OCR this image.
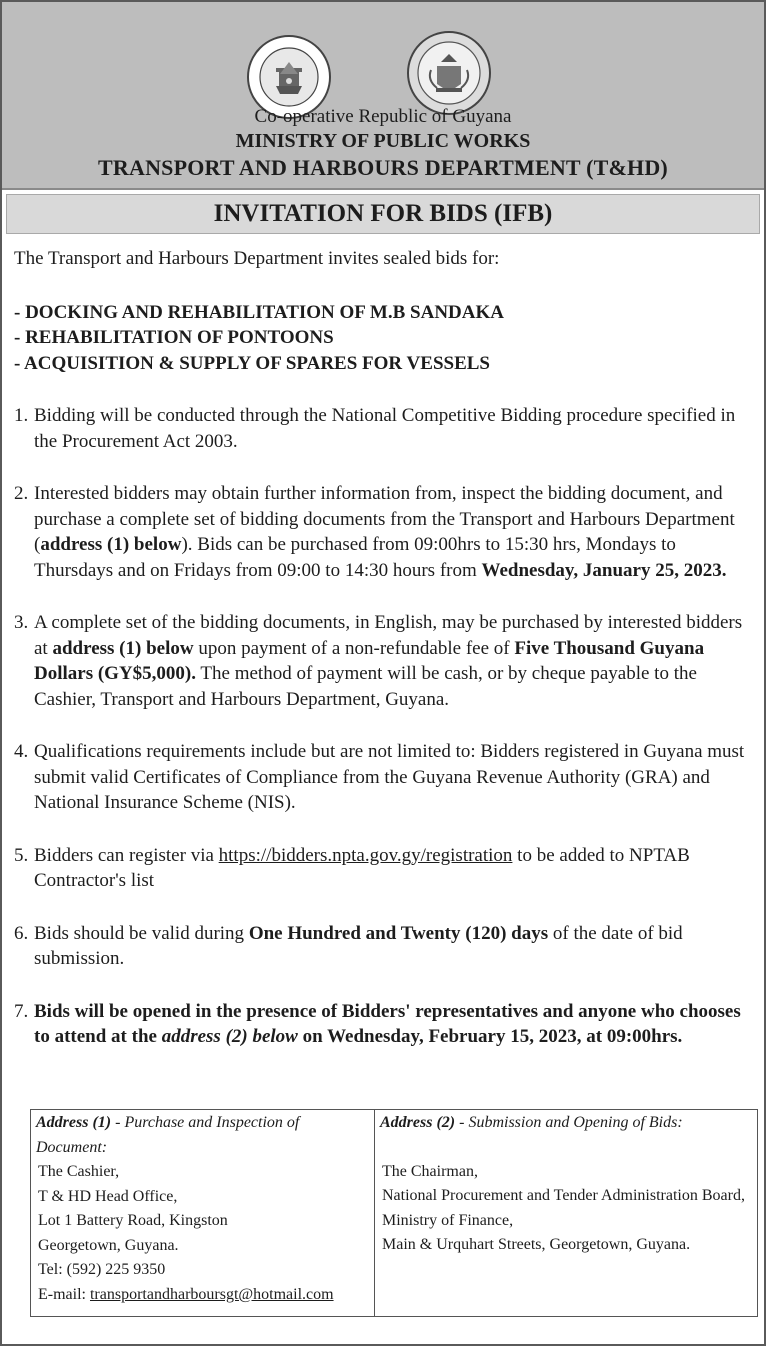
Co-operative Republic of Guyana
MINISTRY OF PUBLIC WORKS
TRANSPORT AND HARBOURS DEPARTMENT (T&HD)
INVITATION FOR BIDS (IFB)
The Transport and Harbours Department invites sealed bids for:
- DOCKING AND REHABILITATION OF M.B SANDAKA
- REHABILITATION OF PONTOONS
- ACQUISITION & SUPPLY OF SPARES FOR VESSELS
1. Bidding will be conducted through the National Competitive Bidding procedure specified in the Procurement Act 2003.
2. Interested bidders may obtain further information from, inspect the bidding document, and purchase a complete set of bidding documents from the Transport and Harbours Department (address (1) below). Bids can be purchased from 09:00hrs to 15:30 hrs, Mondays to Thursdays and on Fridays from 09:00 to 14:30 hours from Wednesday, January 25, 2023.
3. A complete set of the bidding documents, in English, may be purchased by interested bidders at address (1) below upon payment of a non-refundable fee of Five Thousand Guyana Dollars (GY$5,000). The method of payment will be cash, or by cheque payable to the Cashier, Transport and Harbours Department, Guyana.
4. Qualifications requirements include but are not limited to: Bidders registered in Guyana must submit valid Certificates of Compliance from the Guyana Revenue Authority (GRA) and National Insurance Scheme (NIS).
5. Bidders can register via https://bidders.npta.gov.gy/registration to be added to NPTAB Contractor's list
6. Bids should be valid during One Hundred and Twenty (120) days of the date of bid submission.
7. Bids will be opened in the presence of Bidders' representatives and anyone who chooses to attend at the address (2) below on Wednesday, February 15, 2023, at 09:00hrs.
Address (1) - Purchase and Inspection of Document:
The Cashier,
T & HD Head Office,
Lot 1 Battery Road, Kingston
Georgetown, Guyana.
Tel: (592) 225 9350
E-mail: transportandharboursgt@hotmail.com
Address (2) - Submission and Opening of Bids:
The Chairman,
National Procurement and Tender Administration Board,
Ministry of Finance,
Main & Urquhart Streets, Georgetown, Guyana.
